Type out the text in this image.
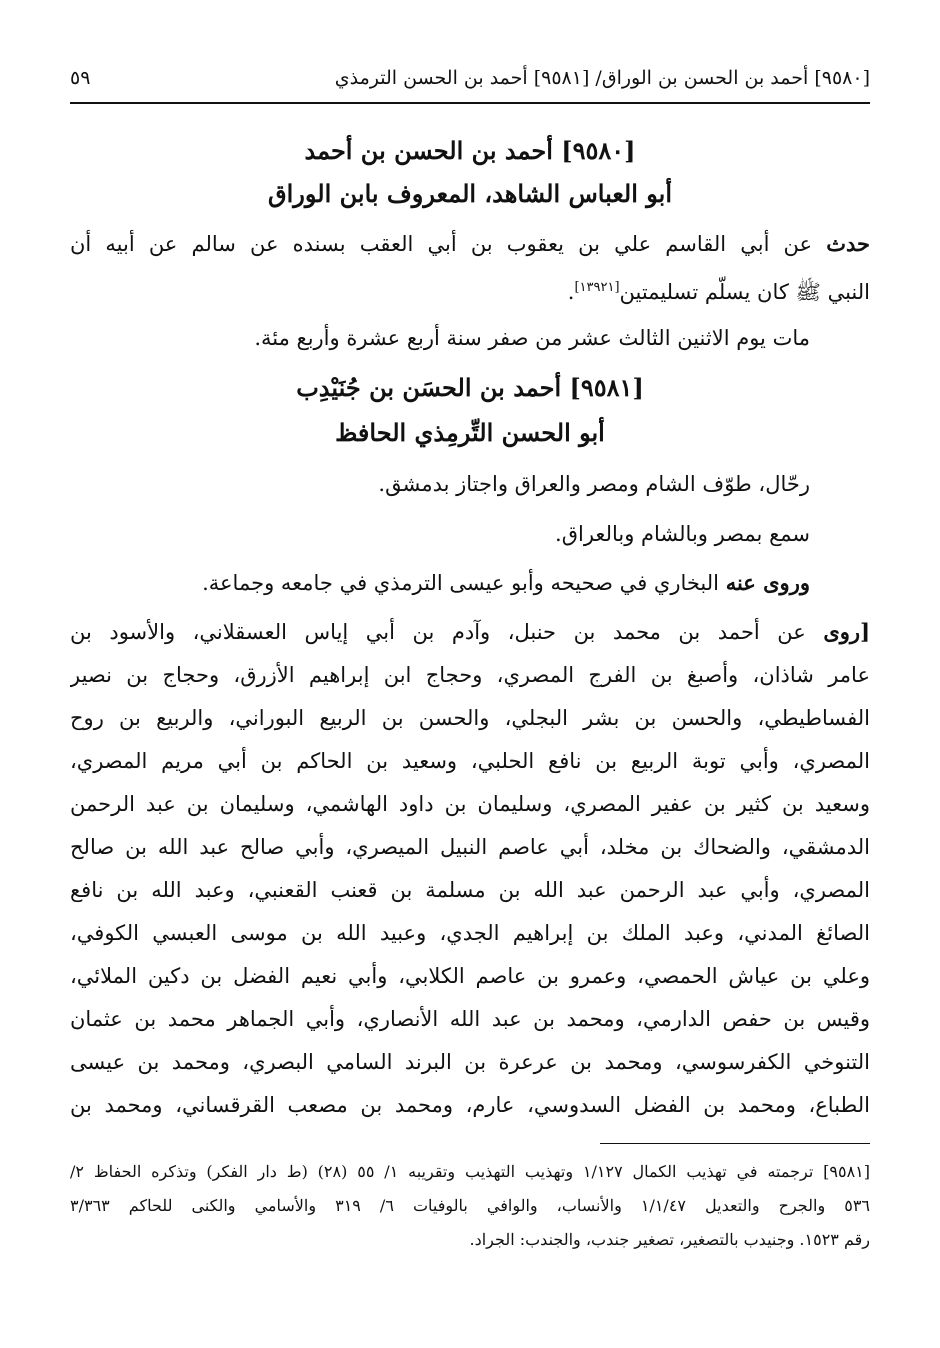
[٩٥٨٠] أحمد بن الحسن بن الوراق/ [٩٥٨١] أحمد بن الحسن الترمذي
٥٩
[٩٥٨٠] أحمد بن الحسن بن أحمد
أبو العباس الشاهد، المعروف بابن الوراق
حدث عن أبي القاسم علي بن يعقوب بن أبي العقب بسنده عن سالم عن أبيه أن
النبي ﷺ كان يسلّم تسليمتين[١٣٩٢١].
مات يوم الاثنين الثالث عشر من صفر سنة أربع عشرة وأربع مئة.
[٩٥٨١] أحمد بن الحسَن بن جُنَيْدِب
أبو الحسن التِّرمِذي الحافظ
رحّال، طوّف الشام ومصر والعراق واجتاز بدمشق.
سمع بمصر وبالشام وبالعراق.
وروى عنه البخاري في صحيحه وأبو عيسى الترمذي في جامعه وجماعة.
[روى عن أحمد بن محمد بن حنبل، وآدم بن أبي إياس العسقلاني، والأسود بن
عامر شاذان، وأصبغ بن الفرج المصري، وحجاج ابن إبراهيم الأزرق، وحجاج بن نصير
الفساطيطي، والحسن بن بشر البجلي، والحسن بن الربيع البوراني، والربيع بن روح
المصري، وأبي توبة الربيع بن نافع الحلبي، وسعيد بن الحاكم بن أبي مريم المصري،
وسعيد بن كثير بن عفير المصري، وسليمان بن داود الهاشمي، وسليمان بن عبد الرحمن
الدمشقي، والضحاك بن مخلد، أبي عاصم النبيل الميصري، وأبي صالح عبد الله بن صالح
المصري، وأبي عبد الرحمن عبد الله بن مسلمة بن قعنب القعنبي، وعبد الله بن نافع
الصائغ المدني، وعبد الملك بن إبراهيم الجدي، وعبيد الله بن موسى العبسي الكوفي،
وعلي بن عياش الحمصي، وعمرو بن عاصم الكلابي، وأبي نعيم الفضل بن دكين الملائي،
وقيس بن حفص الدارمي، ومحمد بن عبد الله الأنصاري، وأبي الجماهر محمد بن عثمان
التنوخي الكفرسوسي، ومحمد بن عرعرة بن البرند السامي البصري، ومحمد بن عيسى
الطباع، ومحمد بن الفضل السدوسي، عارم، ومحمد بن مصعب القرقساني، ومحمد بن
[٩٥٨١] ترجمته في تهذيب الكمال ١/١٢٧ وتهذيب التهذيب وتقريبه ١/ ٥٥ (٢٨) (ط دار الفكر) وتذكره الحفاظ ٢/
٥٣٦ والجرح والتعديل ١/١/٤٧ والأنساب، والوافي بالوفيات ٦/ ٣١٩ والأسامي والكنى للحاكم ٣/٣٦٣
رقم ١٥٢٣. وجنيدب بالتصغير، تصغير جندب، والجندب: الجراد.
